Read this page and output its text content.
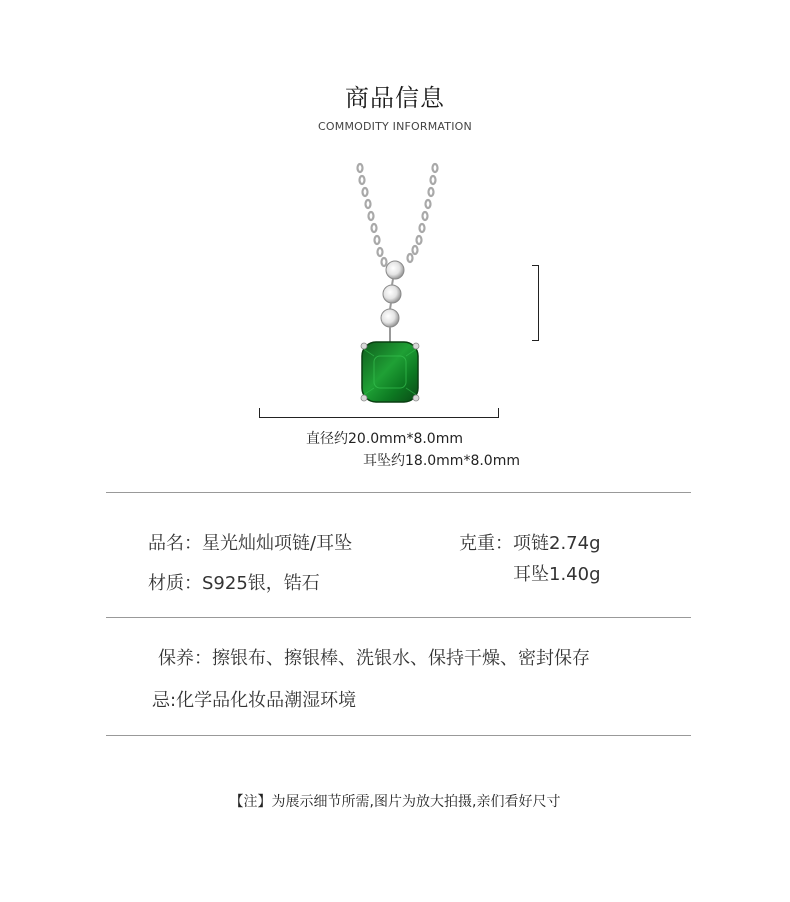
商品信息
COMMODITY INFORMATION
直径约20.0mm*8.0mm
耳坠约18.0mm*8.0mm
品名：星光灿灿项链/耳坠
材质：S925银，锆石
克重：项链2.74g
耳坠1.40g
保养：擦银布、擦银棒、洗银水、保持干燥、密封保存
忌:化学品化妆品潮湿环境
【注】为展示细节所需,图片为放大拍摄,亲们看好尺寸
